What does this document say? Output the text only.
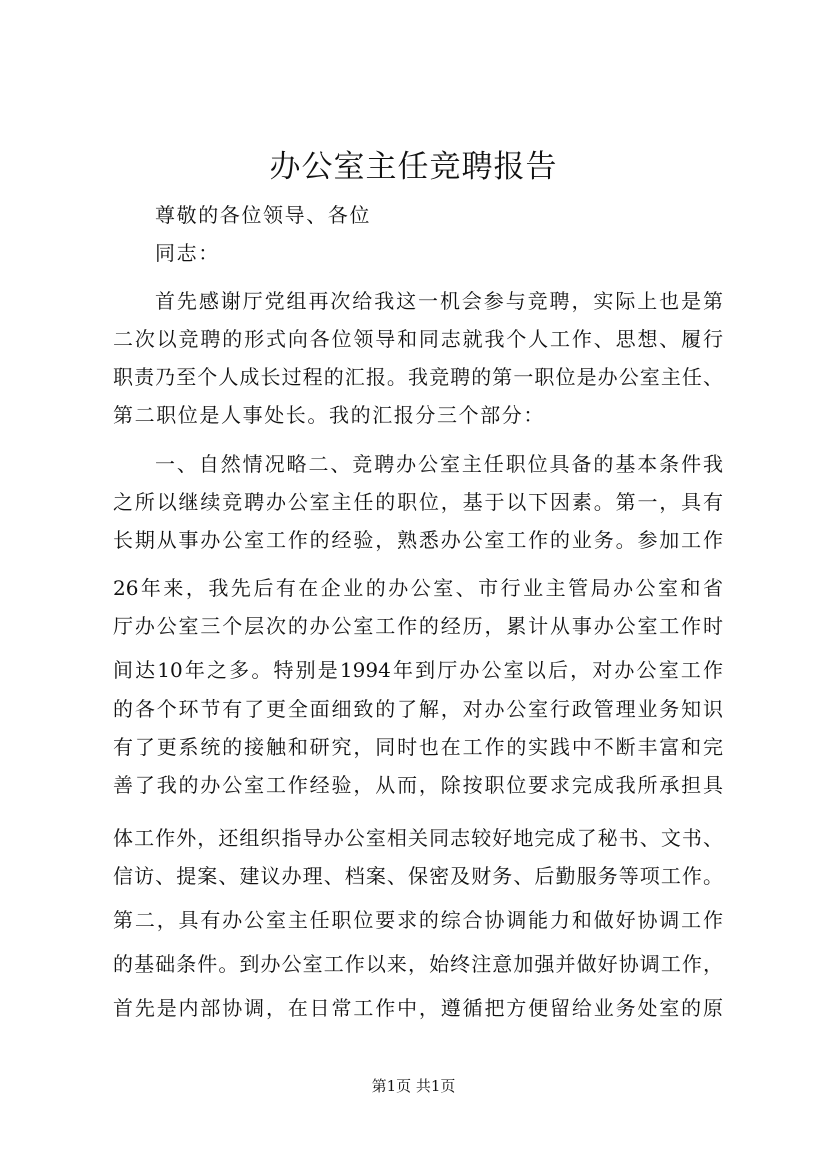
办公室主任竞聘报告

尊敬的各位领导、各位

同志：

首先感谢厅党组再次给我这一机会参与竞聘，实际上也是第

二次以竞聘的形式向各位领导和同志就我个人工作、思想、履行

职责乃至个人成长过程的汇报。我竞聘的第一职位是办公室主任、

第二职位是人事处长。我的汇报分三个部分：

一、自然情况略二、竞聘办公室主任职位具备的基本条件我

之所以继续竞聘办公室主任的职位，基于以下因素。第一，具有

长期从事办公室工作的经验，熟悉办公室工作的业务。参加工作

26年来，我先后有在企业的办公室、市行业主管局办公室和省

厅办公室三个层次的办公室工作的经历，累计从事办公室工作时

间达10年之多。特别是1994年到厅办公室以后，对办公室工作

的各个环节有了更全面细致的了解，对办公室行政管理业务知识

有了更系统的接触和研究，同时也在工作的实践中不断丰富和完

善了我的办公室工作经验，从而，除按职位要求完成我所承担具

体工作外，还组织指导办公室相关同志较好地完成了秘书、文书、

信访、提案、建议办理、档案、保密及财务、后勤服务等项工作。

第二，具有办公室主任职位要求的综合协调能力和做好协调工作

的基础条件。到办公室工作以来，始终注意加强并做好协调工作，

首先是内部协调，在日常工作中，遵循把方便留给业务处室的原

第1页 共1页
